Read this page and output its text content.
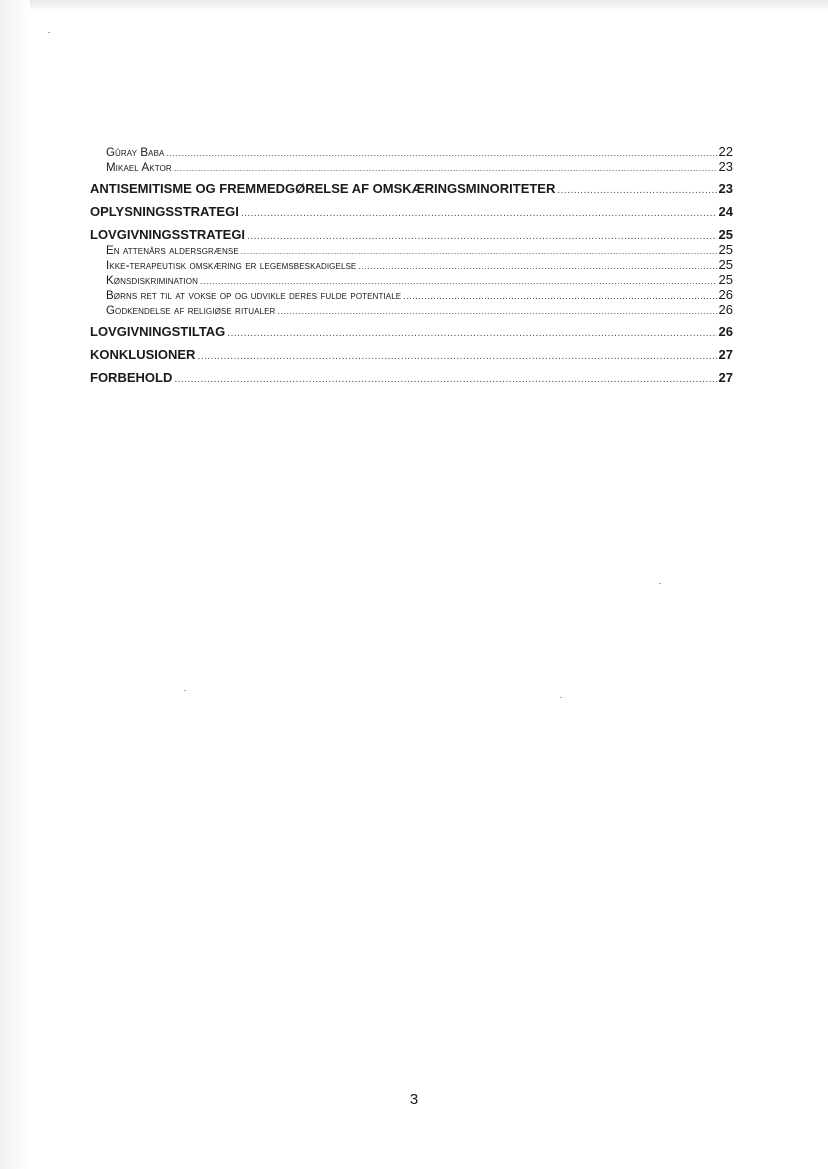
Gûray Baba .....	22
Mikael Aktor .....	23
ANTISEMITISME OG FREMMEDGØRELSE AF OMSKÆRINGSMINORITETER .....	23
OPLYSNINGSSTRATEGI .....	24
LOVGIVNINGSSTRATEGI .....	25
En attenårs aldersgrænse .....	25
Ikke-terapeutisk omskæring er legemsbeskadigelse .....	25
Kønsdiskrimination .....	25
Børns ret til at vokse op og udvikle deres fulde potentiale .....	26
Godkendelse af religiøse ritualer .....	26
LOVGIVNINGSTILTAG .....	26
KONKLUSIONER .....	27
FORBEHOLD .....	27
3
